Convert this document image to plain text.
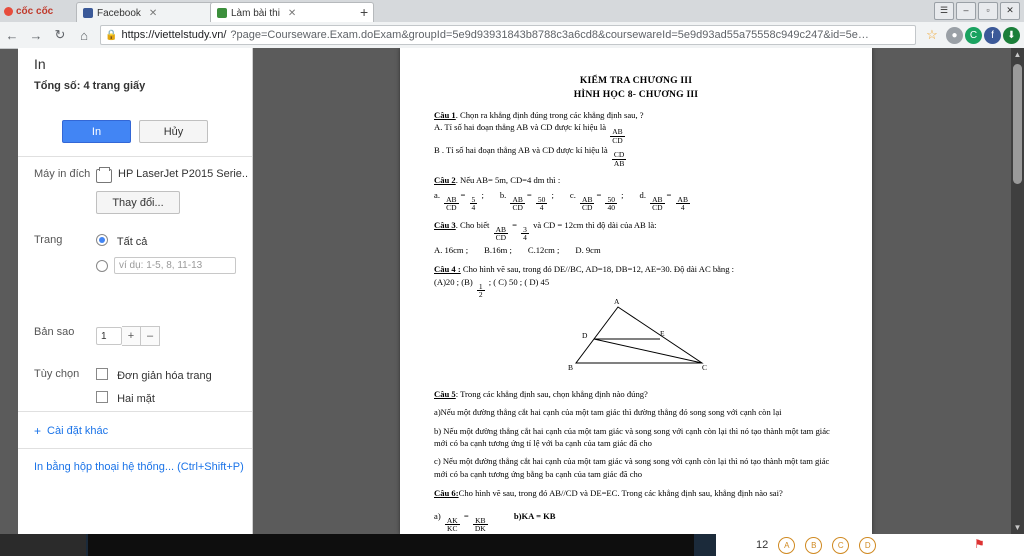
cốc cốc	Facebook ✕	Làm bài thi ✕	+	☰	–	▫	✕
← → ↻	⌂	🔒 https://viettelstudy.vn/ ?page=Courseware.Exam.doExam&groupId=5e9d93931843b8788c3a6cd8&coursewareId=5e9d93ad55a75558c949c247&id=5e…	☆	●	C	f	⬇
KIỂM TRA CHƯƠNG III
HÌNH HỌC 8- CHƯƠNG III
Câu 1. Chọn ra khẳng định đúng trong các khẳng định sau, ?
A. Tỉ số hai đoạn thẳng AB và CD được kí hiệu là
$\frac{AB}{CD}$
B . Tỉ số hai đoạn thẳng AB và CD được kí hiệu là
$\frac{CD}{AB}$
Câu 2. Nếu AB= 5m, CD=4 dm thì :
a.
$\frac{AB}{CD}$
=
$\frac{5}{4}$
; b.
$\frac{AB}{CD}$
=
$\frac{50}{4}$
; c.
$\frac{AB}{CD}$
=
$\frac{50}{40}$
; d.
$\frac{AB}{CD}$
=
$\frac{AB}{4}$
Câu 3. Cho biết
$\frac{AB}{CD}$
=
$\frac{3}{4}$
và CD = 12cm thì độ dài của AB là:
A. 16cm ; B.16m ; C.12cm ; D. 9cm
Câu 4 : Cho hình vẽ sau, trong đó DE//BC, AD=18, DB=12, AE=30. Độ dài AC bằng :
(A)20 ; (B)
$\frac{1}{2}$
; ( C) 50 ; ( D) 45
A
D	E
B	C
Câu 5: Trong các khẳng định sau, chọn khẳng định nào đúng?
a)Nếu một đường thẳng cắt hai cạnh của một tam giác thì đường thẳng đó song song với cạnh còn lại
b) Nếu một đường thẳng cắt hai cạnh của một tam giác và song song với cạnh còn lại thì nó tạo thành một tam giác mới có ba cạnh tương ứng tỉ lệ với ba cạnh của tam giác đã cho
c) Nếu một đường thẳng cắt hai cạnh của một tam giác và song song với cạnh còn lại thì nó tạo thành một tam giác mới có ba cạnh tương ứng bằng ba cạnh của tam giác đã cho
Câu 6:Cho hình vẽ sau, trong đó AB//CD và DE=EC. Trong các khẳng định sau, khẳng định nào sai?
a)
$\frac{AK}{KC}$
=
$\frac{KB}{DK}$
b)KA = KB
▲
▼
In
Tổng số: 4 trang giấy
In	Hủy
Máy in đích	HP LaserJet P2015 Serie..
Thay đổi...
Trang	Tất cả
ví dụ: 1-5, 8, 11-13
Bản sao	1	+	–
Tùy chọn	Đơn giản hóa trang
Hai mặt
+ Cài đặt khác
In bằng hộp thoại hệ thống... (Ctrl+Shift+P)
12	A	B	C	D	⚑
